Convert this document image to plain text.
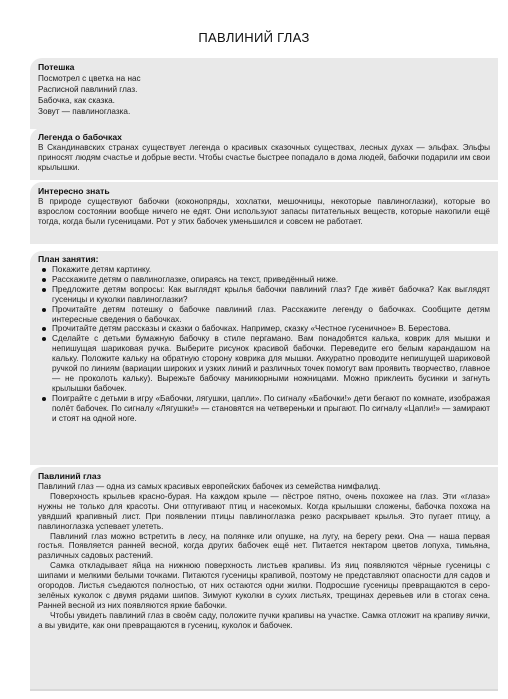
ПАВЛИНИЙ ГЛАЗ
Потешка

Посмотрел с цветка на нас

Расписной павлиний глаз.

Бабочка, как сказка.

Зовут — павлиноглазка.

Легенда о бабочках

В Скандинавских странах существует легенда о красивых сказочных существах, лесных духах — эльфах. Эльфы приносят людям счастье и добрые вести. Чтобы счастье быстрее попадало в дома людей, бабочки подарили им свои крылышки.

Интересно знать

В природе существуют бабочки (коконопряды, хохлатки, мешочницы, некоторые павлиноглазки), которые во взрослом состоянии вообще ничего не едят. Они используют запасы питательных веществ, которые накопили ещё тогда, когда были гусеницами. Рот у этих бабочек уменьшился и совсем не работает.

План занятия:
Покажите детям картинку.
Расскажите детям о павлиноглазке, опираясь на текст, приведённый ниже.
Предложите детям вопросы: Как выглядят крылья бабочки павлиний глаз? Где живёт бабочка? Как выглядят гусеницы и куколки павлиноглазки?
Прочитайте детям потешку о бабочке павлиний глаз. Расскажите легенду о бабочках. Сообщите детям интересные сведения о бабочках.
Прочитайте детям рассказы и сказки о бабочках. Например, сказку «Честное гусеничное» В. Берестова.
Сделайте с детьми бумажную бабочку в стиле пергамано. Вам понадобятся калька, коврик для мышки и непишущая шариковая ручка. Выберите рисунок красивой бабочки. Переведите его белым карандашом на кальку. Положите кальку на обратную сторону коврика для мышки. Аккуратно проводите непишущей шариковой ручкой по линиям (вариации широких и узких линий и различных точек помогут вам проявить творчество, главное — не проколоть кальку). Вырежьте бабочку маникюрными ножницами. Можно приклеить бусинки и загнуть крылышки бабочек.
Поиграйте с детьми в игру «Бабочки, лягушки, цапли». По сигналу «Бабочки!» дети бегают по комнате, изображая полёт бабочек. По сигналу «Лягушки!» — становятся на четвереньки и прыгают. По сигналу «Цапли!» — замирают и стоят на одной ноге.
Павлиний глаз

Павлиний глаз — одна из самых красивых европейских бабочек из семейства нимфалид.

Поверхность крыльев красно-бурая. На каждом крыле — пёстрое пятно, очень похожее на глаз. Эти «глаза» нужны не только для красоты. Они отпугивают птиц и насекомых. Когда крылышки сложены, бабочка похожа на увядший крапивный лист. При появлении птицы павлиноглазка резко раскрывает крылья. Это пугает птицу, а павлиноглазка успевает улететь.

Павлиний глаз можно встретить в лесу, на полянке или опушке, на лугу, на берегу реки. Она — наша первая гостья. Появляется ранней весной, когда других бабочек ещё нет. Питается нектаром цветов лопуха, тимьяна, различных садовых растений.

Самка откладывает яйца на нижнюю поверхность листьев крапивы. Из яиц появляются чёрные гусеницы с шипами и мелкими белыми точками. Питаются гусеницы крапивой, поэтому не представляют опасности для садов и огородов. Листья съедаются полностью, от них остаются одни жилки. Подросшие гусеницы превращаются в серо-зелёных куколок с двумя рядами шипов. Зимуют куколки в сухих листьях, трещинах деревьев или в стогах сена. Ранней весной из них появляются яркие бабочки.

Чтобы увидеть павлиний глаз в своём саду, положите пучки крапивы на участке. Самка отложит на крапиву яички, а вы увидите, как они превращаются в гусениц, куколок и бабочек.
